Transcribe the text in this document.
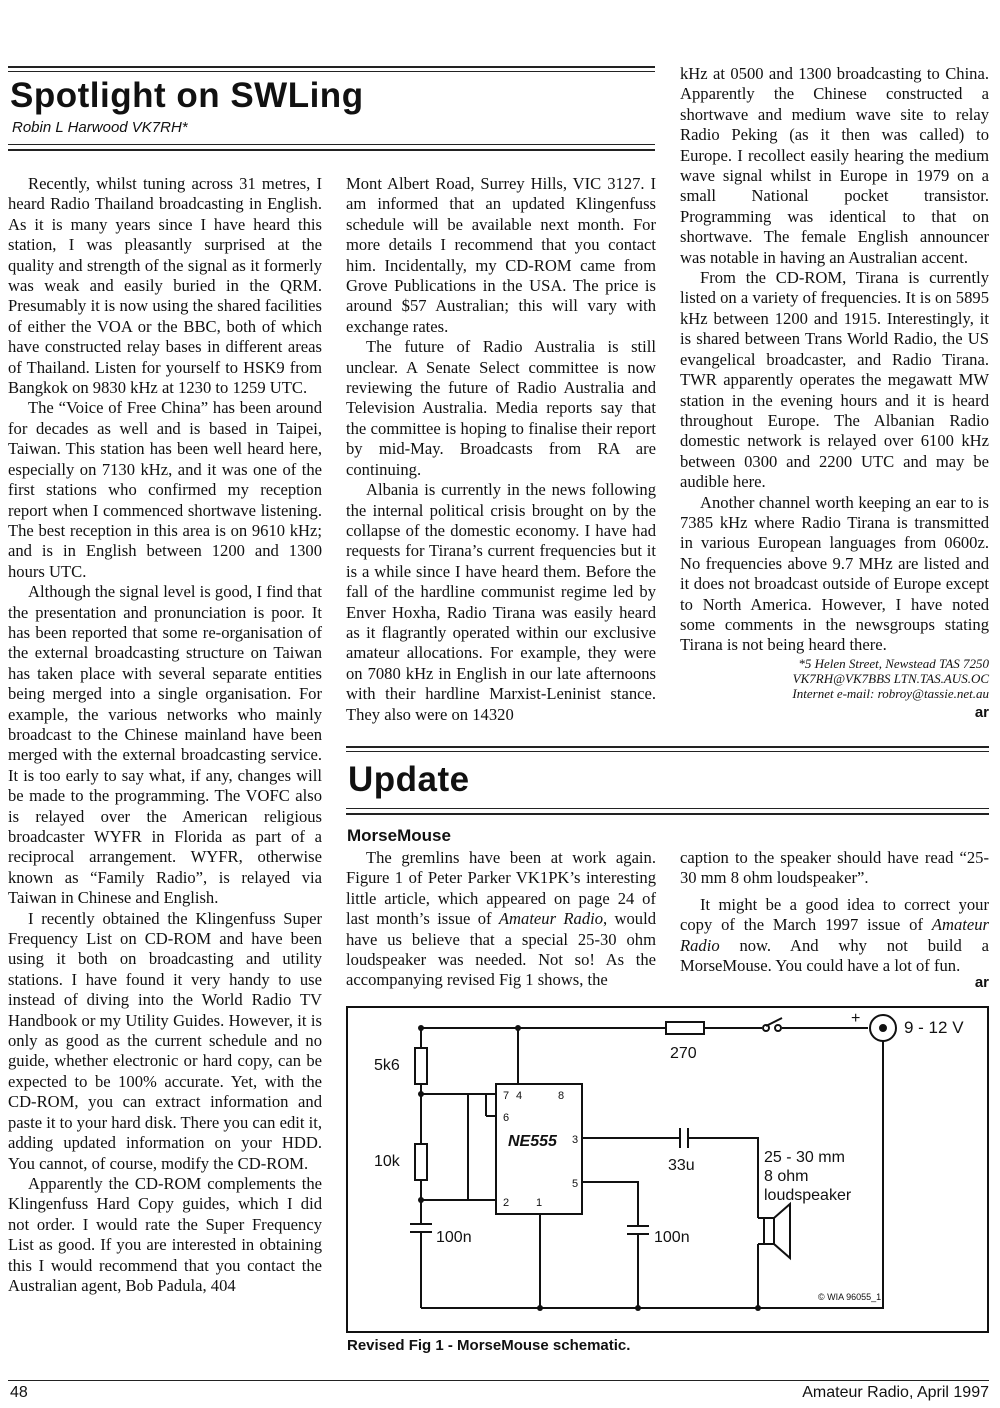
Spotlight on SWLing
Robin L Harwood VK7RH*

Recently, whilst tuning across 31 metres, I heard Radio Thailand broadcasting in English. As it is many years since I have heard this station, I was pleasantly surprised at the quality and strength of the signal as it formerly was weak and easily buried in the QRM. Presumably it is now using the shared facilities of either the VOA or the BBC, both of which have constructed relay bases in different areas of Thailand. Listen for yourself to HSK9 from Bangkok on 9830 kHz at 1230 to 1259 UTC.

The “Voice of Free China” has been around for decades as well and is based in Taipei, Taiwan. This station has been well heard here, especially on 7130 kHz, and it was one of the first stations who confirmed my reception report when I commenced shortwave listening. The best reception in this area is on 9610 kHz; and is in English between 1200 and 1300 hours UTC.

Although the signal level is good, I find that the presentation and pronunciation is poor. It has been reported that some re-organisation of the external broadcasting structure on Taiwan has taken place with several separate entities being merged into a single organisation. For example, the various networks who mainly broadcast to the Chinese mainland have been merged with the external broadcasting service. It is too early to say what, if any, changes will be made to the programming. The VOFC also is relayed over the American religious broadcaster WYFR in Florida as part of a reciprocal arrangement. WYFR, otherwise known as “Family Radio”, is relayed via Taiwan in Chinese and English.

I recently obtained the Klingenfuss Super Frequency List on CD-ROM and have been using it both on broadcasting and utility stations. I have found it very handy to use instead of diving into the World Radio TV Handbook or my Utility Guides. However, it is only as good as the current schedule and no guide, whether electronic or hard copy, can be expected to be 100% accurate. Yet, with the CD-ROM, you can extract information and paste it to your hard disk. There you can edit it, adding updated information on your HDD. You cannot, of course, modify the CD-ROM.

Apparently the CD-ROM complements the Klingenfuss Hard Copy guides, which I did not order. I would rate the Super Frequency List as good. If you are interested in obtaining this I would recommend that you contact the Australian agent, Bob Padula, 404

Mont Albert Road, Surrey Hills, VIC 3127. I am informed that an updated Klingenfuss schedule will be available next month. For more details I recommend that you contact him. Incidentally, my CD-ROM came from Grove Publications in the USA. The price is around $57 Australian; this will vary with exchange rates.

The future of Radio Australia is still unclear. A Senate Select committee is now reviewing the future of Radio Australia and Television Australia. Media reports say that the committee is hoping to finalise their report by mid-May. Broadcasts from RA are continuing.

Albania is currently in the news following the internal political crisis brought on by the collapse of the domestic economy. I have had requests for Tirana’s current frequencies but it is a while since I have heard them. Before the fall of the hardline communist regime led by Enver Hoxha, Radio Tirana was easily heard as it flagrantly operated within our exclusive amateur allocations. For example, they were on 7080 kHz in English in our late afternoons with their hardline Marxist-Leninist stance. They also were on 14320

kHz at 0500 and 1300 broadcasting to China. Apparently the Chinese constructed a shortwave and medium wave site to relay Radio Peking (as it then was called) to Europe. I recollect easily hearing the medium wave signal whilst in Europe in 1979 on a small National pocket transistor. Programming was identical to that on shortwave. The female English announcer was notable in having an Australian accent.

From the CD-ROM, Tirana is currently listed on a variety of frequencies. It is on 5895 kHz between 1200 and 1915. Interestingly, it is shared between Trans World Radio, the US evangelical broadcaster, and Radio Tirana. TWR apparently operates the megawatt MW station in the evening hours and it is heard throughout Europe. The Albanian Radio domestic network is relayed over 6100 kHz between 0300 and 2200 UTC and may be audible here.

Another channel worth keeping an ear to is 7385 kHz where Radio Tirana is transmitted in various European languages from 0600z. No frequencies above 9.7 MHz are listed and it does not broadcast outside of Europe except to North America. However, I have noted some comments in the newsgroups stating Tirana is not being heard there.

*5 Helen Street, Newstead TAS 7250
VK7RH@VK7BBS LTN.TAS.AUS.OC
Internet e-mail: robroy@tassie.net.au
ar
Update
MorseMouse

The gremlins have been at work again. Figure 1 of Peter Parker VK1PK’s interesting little article, which appeared on page 24 of last month’s issue of Amateur Radio, would have us believe that a special 25-30 ohm loudspeaker was needed. Not so! As the accompanying revised Fig 1 shows, the

caption to the speaker should have read “25-30 mm 8 ohm loudspeaker”.

It might be a good idea to correct your copy of the March 1997 issue of Amateur Radio now. And why not build a MorseMouse. You could have a lot of fun.

ar
+	9 - 12 V
5k6
10k
270
100n	100n
33u
NE555
7 4	8
6
3
5
2 1
25 - 30 mm
8 ohm
loudspeaker
© WIA 96055_1
Revised Fig 1 - MorseMouse schematic.
48	Amateur Radio, April 1997
